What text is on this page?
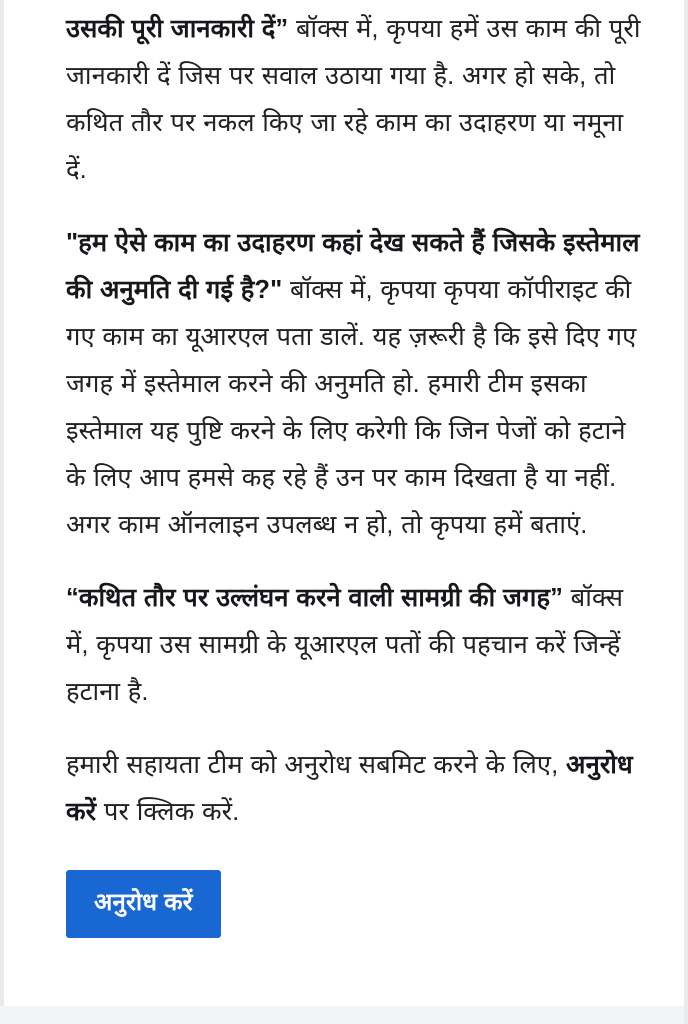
उसकी पूरी जानकारी दें” बॉक्स में, कृपया हमें उस काम की पूरी जानकारी दें जिस पर सवाल उठाया गया है. अगर हो सके, तो कथित तौर पर नकल किए जा रहे काम का उदाहरण या नमूना दें.

"हम ऐसे काम का उदाहरण कहां देख सकते हैं जिसके इस्तेमाल की अनुमति दी गई है?" बॉक्स में, कृपया कृपया कॉपीराइट की गए काम का यूआरएल पता डालें. यह ज़रूरी है कि इसे दिए गए जगह में इस्तेमाल करने की अनुमति हो. हमारी टीम इसका इस्तेमाल यह पुष्टि करने के लिए करेगी कि जिन पेजों को हटाने के लिए आप हमसे कह रहे हैं उन पर काम दिखता है या नहीं. अगर काम ऑनलाइन उपलब्ध न हो, तो कृपया हमें बताएं.

“कथित तौर पर उल्लंघन करने वाली सामग्री की जगह” बॉक्स में, कृपया उस सामग्री के यूआरएल पतों की पहचान करें जिन्हें हटाना है.

हमारी सहायता टीम को अनुरोध सबमिट करने के लिए, अनुरोध करें पर क्लिक करें.

अनुरोध करें
